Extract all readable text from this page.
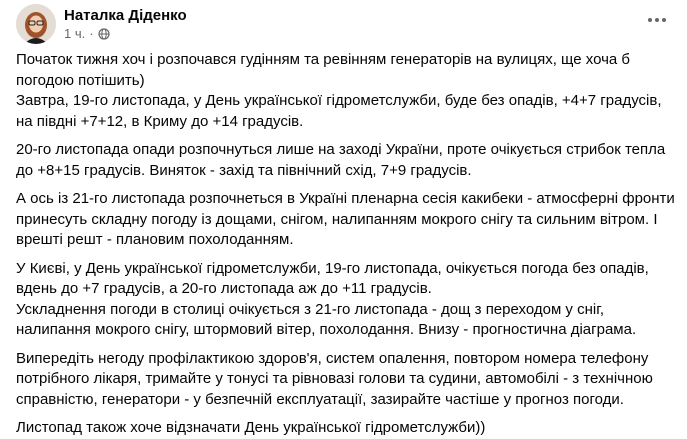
Наталка Діденко
1 ч. ·

Початок тижня хоч і розпочався гудінням та ревінням генераторів на вулицях, ще хоча б погодою потішить)

Завтра, 19-го листопада, у День української гідрометслужби, буде без опадів, +4+7 градусів, на півдні +7+12, в Криму до +14 градусів.

20-го листопада опади розпочнуться лише на заході України, проте очікується стрибок тепла до +8+15 градусів. Виняток - захід та північний схід, 7+9 градусів.

А ось із 21-го листопада розпочнеться в Україні пленарна сесія какибеки - атмосферні фронти принесуть складну погоду із дощами, снігом, налипанням мокрого снігу та сильним вітром. І врешті решт - плановим похолоданням.

У Києві, у День української гідрометслужби, 19-го листопада, очікується погода без опадів, вдень до +7 градусів, а 20-го листопада аж до +11 градусів.

Ускладнення погоди в столиці очікується з 21-го листопада - дощ з переходом у сніг, налипання мокрого снігу, штормовий вітер, похолодання. Внизу - прогностична діаграма.

Випередіть негоду профілактикою здоров'я, систем опалення, повтором номера телефону потрібного лікаря, тримайте у тонусі та рівновазі голови та судини, автомобілі - з технічною справністю, генератори - у безпечній експлуатації, зазирайте частіше у прогноз погоди.

Листопад також хоче відзначати День української гідрометслужби))
